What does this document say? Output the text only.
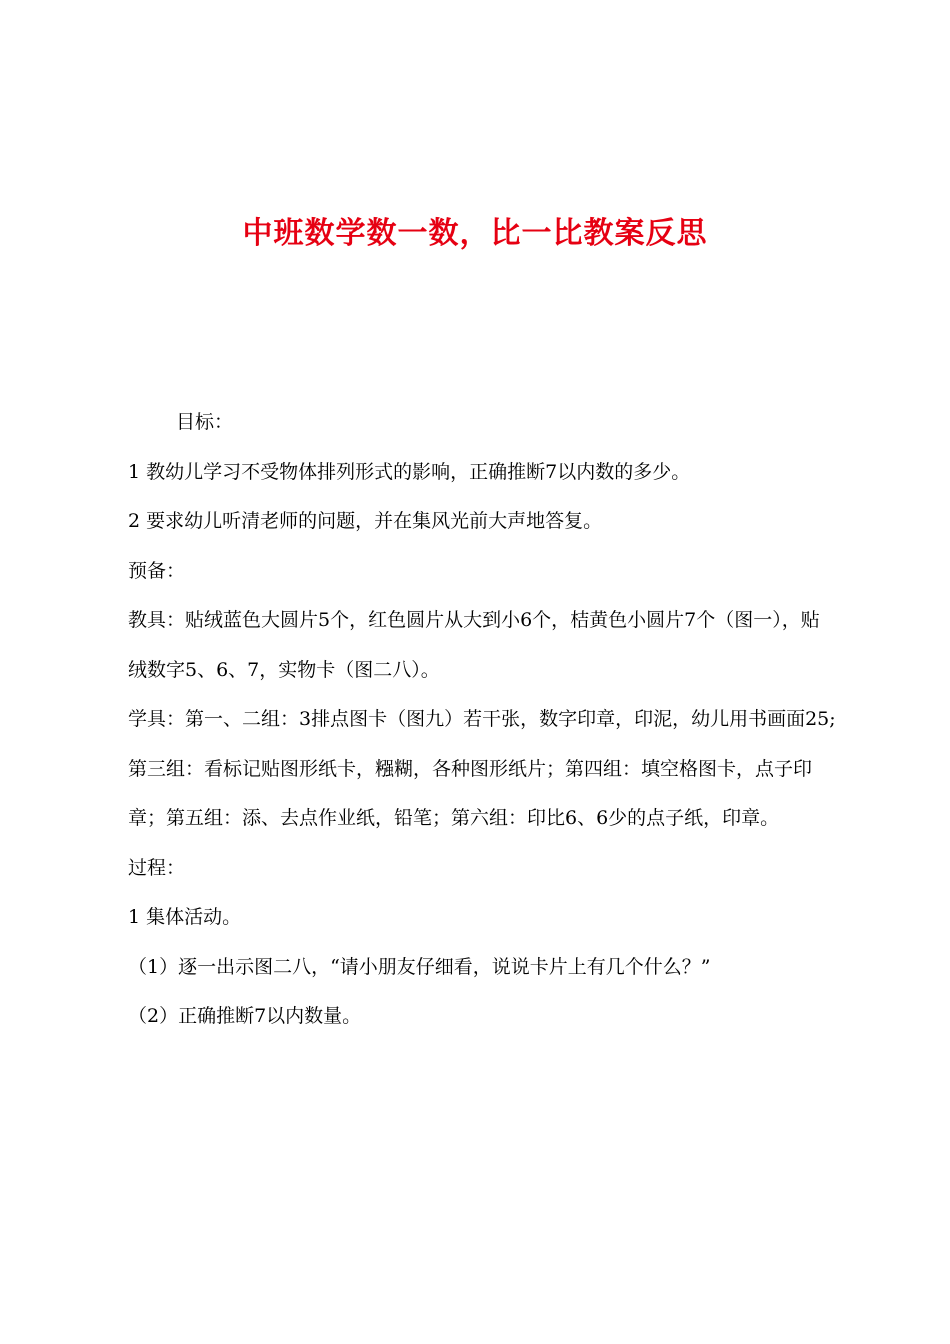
中班数学数一数，比一比教案反思

目标：

1 教幼儿学习不受物体排列形式的影响，正确推断7以内数的多少。

2 要求幼儿听清老师的问题，并在集风光前大声地答复。

预备：

教具：贴绒蓝色大圆片5个，红色圆片从大到小6个，桔黄色小圆片7个（图一），贴绒数字5、6、7，实物卡（图二八）。

学具：第一、二组：3排点图卡（图九）若干张，数字印章，印泥，幼儿用书画面25;

第三组：看标记贴图形纸卡，糨糊，各种图形纸片；第四组：填空格图卡，点子印章；第五组：添、去点作业纸，铅笔；第六组：印比6、6少的点子纸，印章。

过程：

1 集体活动。

（1）逐一出示图二八，“请小朋友仔细看，说说卡片上有几个什么？”

（2）正确推断7以内数量。
